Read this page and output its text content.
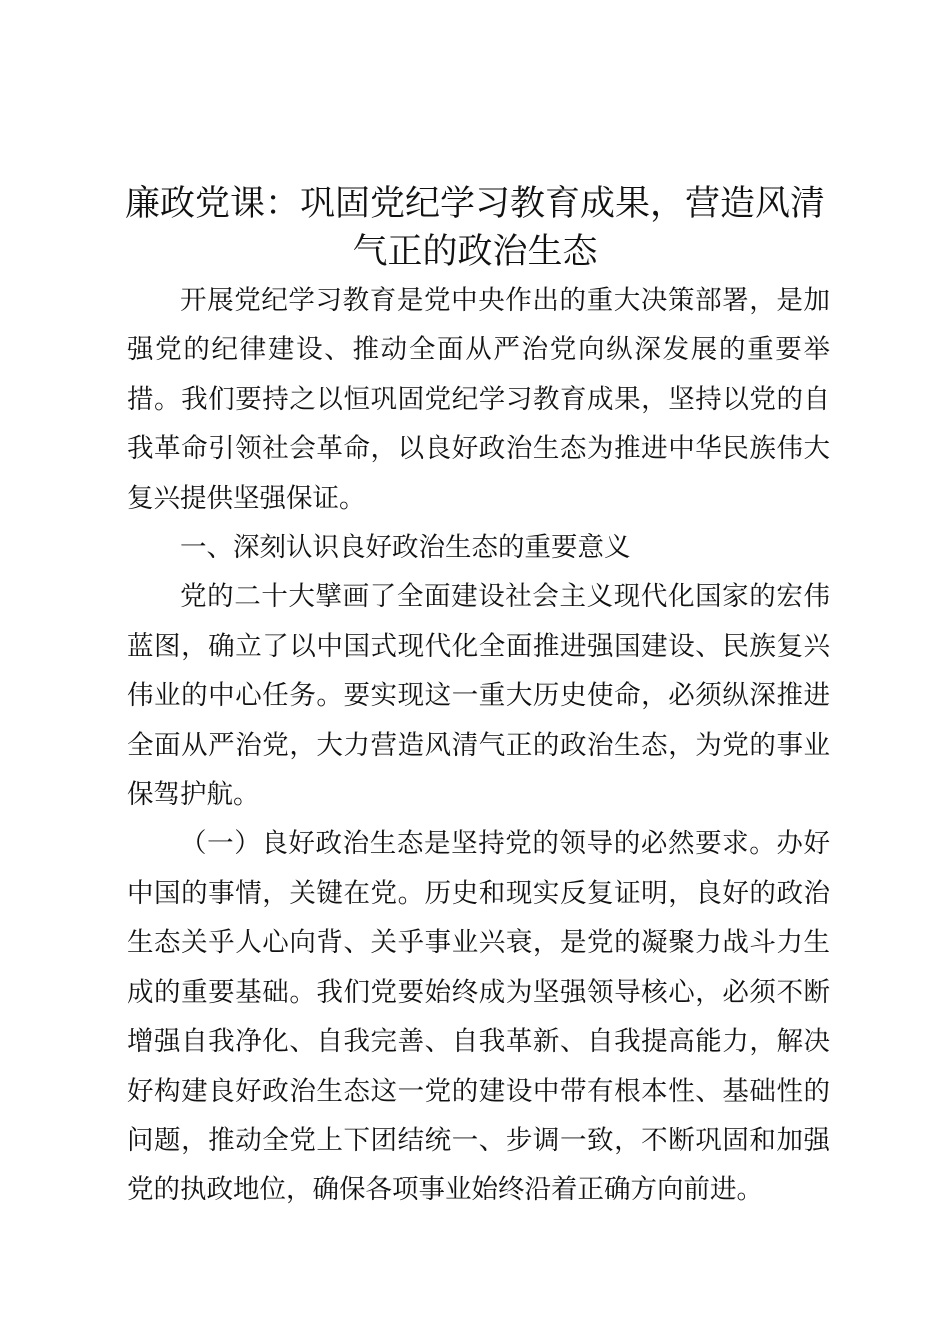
廉政党课：巩固党纪学习教育成果，营造风清
气正的政治生态

开展党纪学习教育是党中央作出的重大决策部署，是加强党的纪律建设、推动全面从严治党向纵深发展的重要举措。我们要持之以恒巩固党纪学习教育成果，坚持以党的自我革命引领社会革命，以良好政治生态为推进中华民族伟大复兴提供坚强保证。

一、深刻认识良好政治生态的重要意义

党的二十大擘画了全面建设社会主义现代化国家的宏伟蓝图，确立了以中国式现代化全面推进强国建设、民族复兴伟业的中心任务。要实现这一重大历史使命，必须纵深推进全面从严治党，大力营造风清气正的政治生态，为党的事业保驾护航。

（一）良好政治生态是坚持党的领导的必然要求。办好中国的事情，关键在党。历史和现实反复证明，良好的政治生态关乎人心向背、关乎事业兴衰，是党的凝聚力战斗力生成的重要基础。我们党要始终成为坚强领导核心，必须不断增强自我净化、自我完善、自我革新、自我提高能力，解决好构建良好政治生态这一党的建设中带有根本性、基础性的问题，推动全党上下团结统一、步调一致，不断巩固和加强党的执政地位，确保各项事业始终沿着正确方向前进。
